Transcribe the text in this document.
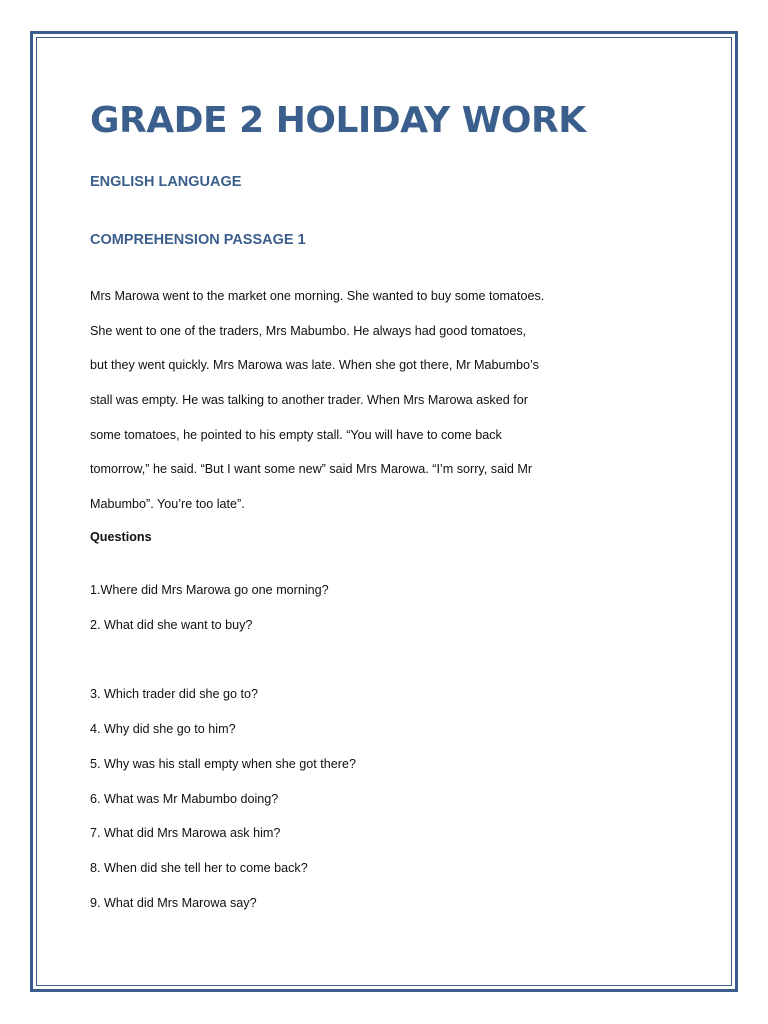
GRADE 2 HOLIDAY WORK
ENGLISH LANGUAGE
COMPREHENSION PASSAGE 1
Mrs Marowa went to the market one morning. She wanted to buy some tomatoes.
She went to one of the traders, Mrs Mabumbo. He always had good tomatoes,
but they went quickly. Mrs Marowa was late. When she got there, Mr Mabumbo’s
stall was empty. He was talking to another trader. When Mrs Marowa asked for
some tomatoes, he pointed to his empty stall. “You will have to come back
tomorrow,” he said. “But I want some new” said Mrs Marowa. “I’m sorry, said Mr
Mabumbo”. You’re too late”.

Questions

1.Where did Mrs Marowa go one morning?

2. What did she want to buy?

3. Which trader did she go to?

4. Why did she go to him?

5. Why was his stall empty when she got there?

6. What was Mr Mabumbo doing?

7. What did Mrs Marowa ask him?

8. When did she tell her to come back?

9. What did Mrs Marowa say?
